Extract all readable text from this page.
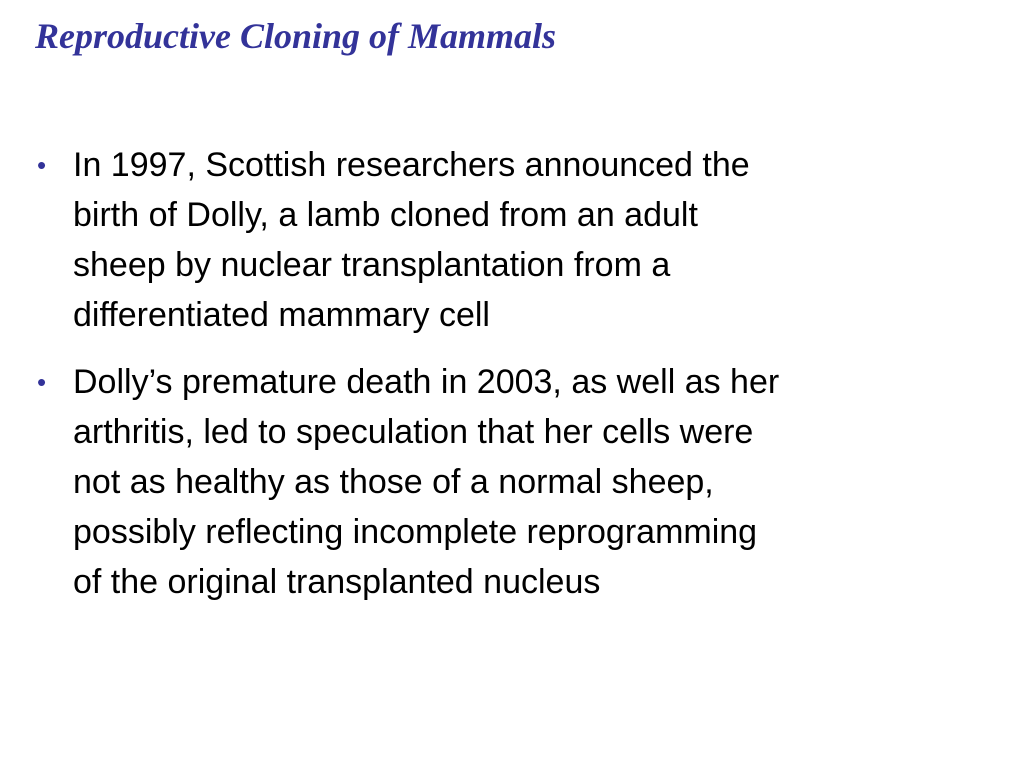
Reproductive Cloning of Mammals
• In 1997, Scottish researchers announced the
birth of Dolly, a lamb cloned from an adult
sheep by nuclear transplantation from a
differentiated mammary cell
• Dolly’s premature death in 2003, as well as her
arthritis, led to speculation that her cells were
not as healthy as those of a normal sheep,
possibly reflecting incomplete reprogramming
of the original transplanted nucleus
